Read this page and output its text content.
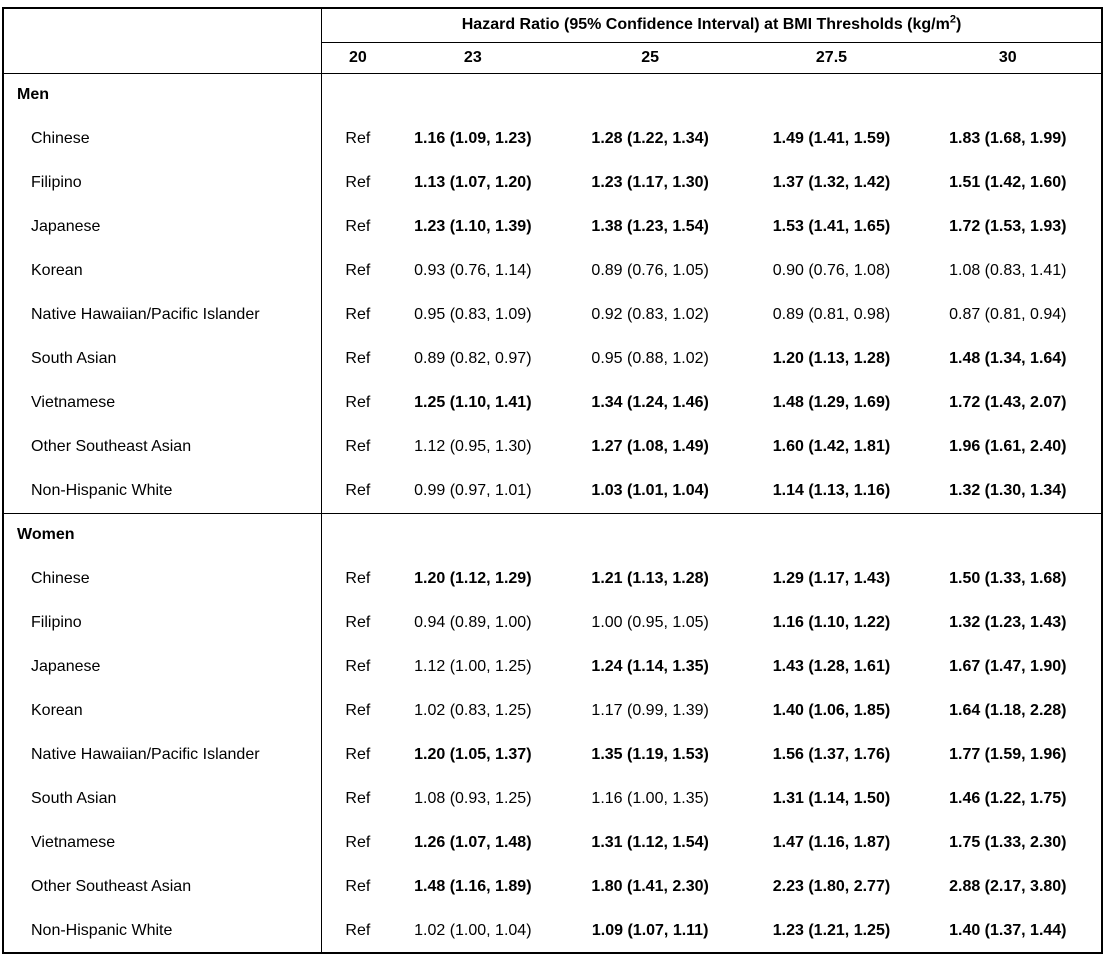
	Hazard Ratio (95% Confidence Interval) at BMI Thresholds $(kg/m^2)$				
	20	23	25	27.5	30
Men					
Chinese	Ref	1.16 (1.09, 1.23)	1.28 (1.22, 1.34)	1.49 (1.41, 1.59)	1.83 (1.68, 1.99)
Filipino	Ref	1.13 (1.07, 1.20)	1.23 (1.17, 1.30)	1.37 (1.32, 1.42)	1.51 (1.42, 1.60)
Japanese	Ref	1.23 (1.10, 1.39)	1.38 (1.23, 1.54)	1.53 (1.41, 1.65)	1.72 (1.53, 1.93)
Korean	Ref	0.93 (0.76, 1.14)	0.89 (0.76, 1.05)	0.90 (0.76, 1.08)	1.08 (0.83, 1.41)
Native Hawaiian/Pacific Islander	Ref	0.95 (0.83, 1.09)	0.92 (0.83, 1.02)	0.89 (0.81, 0.98)	0.87 (0.81, 0.94)
South Asian	Ref	0.89 (0.82, 0.97)	0.95 (0.88, 1.02)	1.20 (1.13, 1.28)	1.48 (1.34, 1.64)
Vietnamese	Ref	1.25 (1.10, 1.41)	1.34 (1.24, 1.46)	1.48 (1.29, 1.69)	1.72 (1.43, 2.07)
Other Southeast Asian	Ref	1.12 (0.95, 1.30)	1.27 (1.08, 1.49)	1.60 (1.42, 1.81)	1.96 (1.61, 2.40)
Non-Hispanic White	Ref	0.99 (0.97, 1.01)	1.03 (1.01, 1.04)	1.14 (1.13, 1.16)	1.32 (1.30, 1.34)
Women					
Chinese	Ref	1.20 (1.12, 1.29)	1.21 (1.13, 1.28)	1.29 (1.17, 1.43)	1.50 (1.33, 1.68)
Filipino	Ref	0.94 (0.89, 1.00)	1.00 (0.95, 1.05)	1.16 (1.10, 1.22)	1.32 (1.23, 1.43)
Japanese	Ref	1.12 (1.00, 1.25)	1.24 (1.14, 1.35)	1.43 (1.28, 1.61)	1.67 (1.47, 1.90)
Korean	Ref	1.02 (0.83, 1.25)	1.17 (0.99, 1.39)	1.40 (1.06, 1.85)	1.64 (1.18, 2.28)
Native Hawaiian/Pacific Islander	Ref	1.20 (1.05, 1.37)	1.35 (1.19, 1.53)	1.56 (1.37, 1.76)	1.77 (1.59, 1.96)
South Asian	Ref	1.08 (0.93, 1.25)	1.16 (1.00, 1.35)	1.31 (1.14, 1.50)	1.46 (1.22, 1.75)
Vietnamese	Ref	1.26 (1.07, 1.48)	1.31 (1.12, 1.54)	1.47 (1.16, 1.87)	1.75 (1.33, 2.30)
Other Southeast Asian	Ref	1.48 (1.16, 1.89)	1.80 (1.41, 2.30)	2.23 (1.80, 2.77)	2.88 (2.17, 3.80)
Non-Hispanic White	Ref	1.02 (1.00, 1.04)	1.09 (1.07, 1.11)	1.23 (1.21, 1.25)	1.40 (1.37, 1.44)
